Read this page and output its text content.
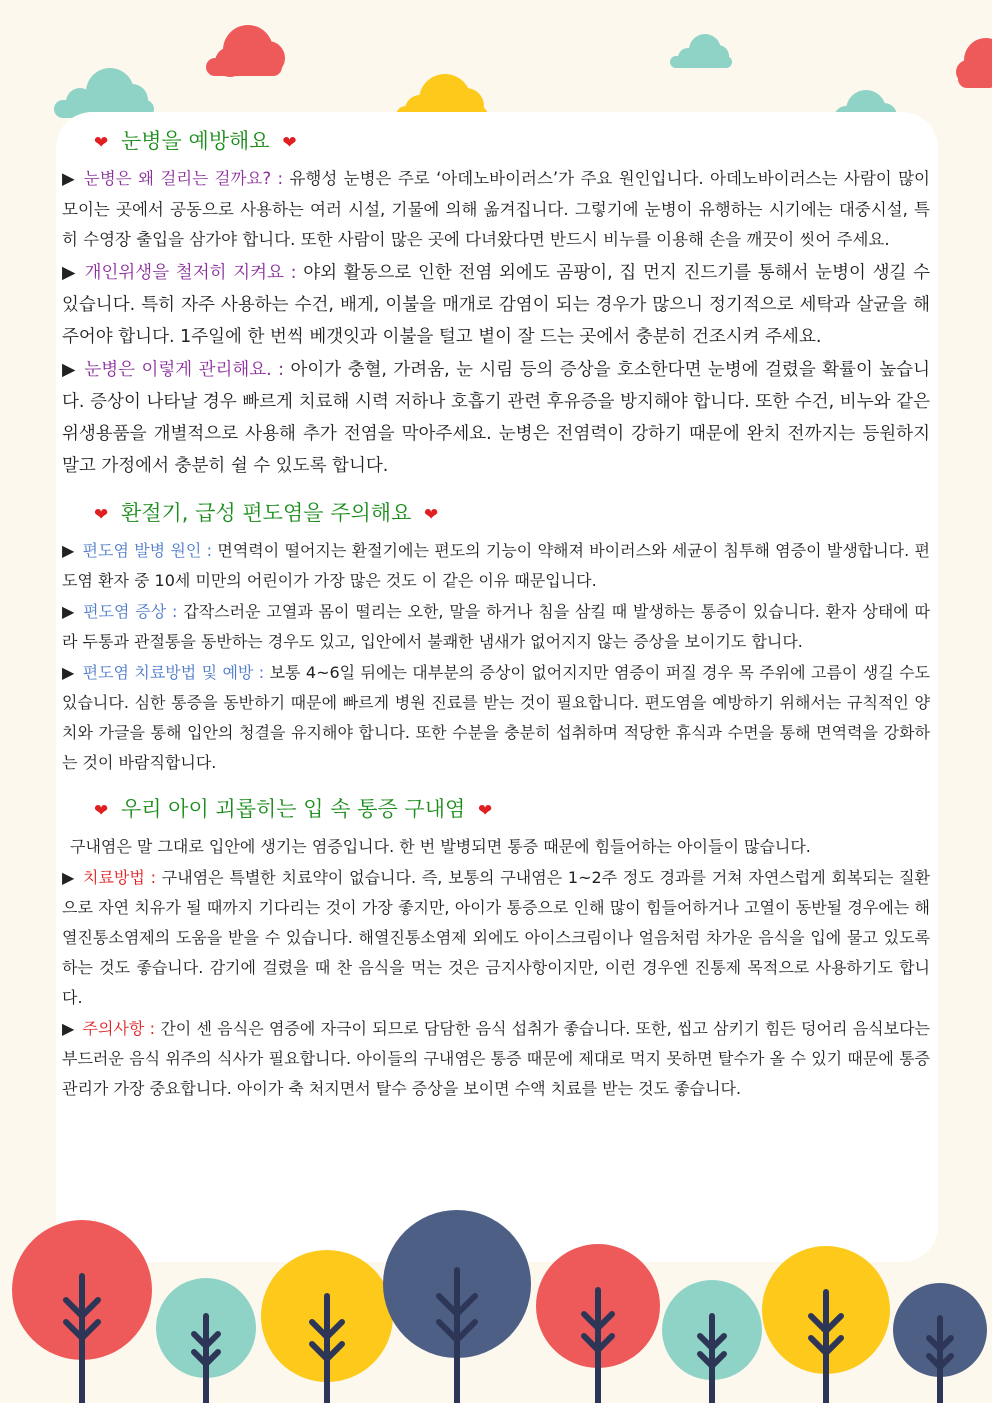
❤ 눈병을 예방해요 ❤

▶ 눈병은 왜 걸리는 걸까요? : 유행성 눈병은 주로 ‘아데노바이러스’가 주요 원인입니다. 아데노바이러스는 사람이 많이 모이는 곳에서 공동으로 사용하는 여러 시설, 기물에 의해 옮겨집니다. 그렇기에 눈병이 유행하는 시기에는 대중시설, 특히 수영장 출입을 삼가야 합니다. 또한 사람이 많은 곳에 다녀왔다면 반드시 비누를 이용해 손을 깨끗이 씻어 주세요.

▶ 개인위생을 철저히 지켜요 : 야외 활동으로 인한 전염 외에도 곰팡이, 집 먼지 진드기를 통해서 눈병이 생길 수 있습니다. 특히 자주 사용하는 수건, 배게, 이불을 매개로 감염이 되는 경우가 많으니 정기적으로 세탁과 살균을 해주어야 합니다. 1주일에 한 번씩 베갯잇과 이불을 털고 볕이 잘 드는 곳에서 충분히 건조시켜 주세요.

▶ 눈병은 이렇게 관리해요. : 아이가 충혈, 가려움, 눈 시림 등의 증상을 호소한다면 눈병에 걸렸을 확률이 높습니다. 증상이 나타날 경우 빠르게 치료해 시력 저하나 호흡기 관련 후유증을 방지해야 합니다. 또한 수건, 비누와 같은 위생용품을 개별적으로 사용해 추가 전염을 막아주세요. 눈병은 전염력이 강하기 때문에 완치 전까지는 등원하지 말고 가정에서 충분히 쉴 수 있도록 합니다.

❤ 환절기, 급성 편도염을 주의해요 ❤

▶ 편도염 발병 원인 : 면역력이 떨어지는 환절기에는 편도의 기능이 약해져 바이러스와 세균이 침투해 염증이 발생합니다. 편도염 환자 중 10세 미만의 어린이가 가장 많은 것도 이 같은 이유 때문입니다.

▶ 편도염 증상 : 갑작스러운 고열과 몸이 떨리는 오한, 말을 하거나 침을 삼킬 때 발생하는 통증이 있습니다. 환자 상태에 따라 두통과 관절통을 동반하는 경우도 있고, 입안에서 불쾌한 냄새가 없어지지 않는 증상을 보이기도 합니다.

▶ 편도염 치료방법 및 예방 : 보통 4~6일 뒤에는 대부분의 증상이 없어지지만 염증이 퍼질 경우 목 주위에 고름이 생길 수도 있습니다. 심한 통증을 동반하기 때문에 빠르게 병원 진료를 받는 것이 필요합니다. 편도염을 예방하기 위해서는 규칙적인 양치와 가글을 통해 입안의 청결을 유지해야 합니다. 또한 수분을 충분히 섭취하며 적당한 휴식과 수면을 통해 면역력을 강화하는 것이 바람직합니다.

❤ 우리 아이 괴롭히는 입 속 통증 구내염 ❤

구내염은 말 그대로 입안에 생기는 염증입니다. 한 번 발병되면 통증 때문에 힘들어하는 아이들이 많습니다.

▶ 치료방법 : 구내염은 특별한 치료약이 없습니다. 즉, 보통의 구내염은 1~2주 정도 경과를 거쳐 자연스럽게 회복되는 질환으로 자연 치유가 될 때까지 기다리는 것이 가장 좋지만, 아이가 통증으로 인해 많이 힘들어하거나 고열이 동반될 경우에는 해열진통소염제의 도움을 받을 수 있습니다. 해열진통소염제 외에도 아이스크림이나 얼음처럼 차가운 음식을 입에 물고 있도록 하는 것도 좋습니다. 감기에 걸렸을 때 찬 음식을 먹는 것은 금지사항이지만, 이런 경우엔 진통제 목적으로 사용하기도 합니다.

▶ 주의사항 : 간이 센 음식은 염증에 자극이 되므로 담담한 음식 섭취가 좋습니다. 또한, 씹고 삼키기 힘든 덩어리 음식보다는 부드러운 음식 위주의 식사가 필요합니다. 아이들의 구내염은 통증 때문에 제대로 먹지 못하면 탈수가 올 수 있기 때문에 통증관리가 가장 중요합니다. 아이가 축 처지면서 탈수 증상을 보이면 수액 치료를 받는 것도 좋습니다.
